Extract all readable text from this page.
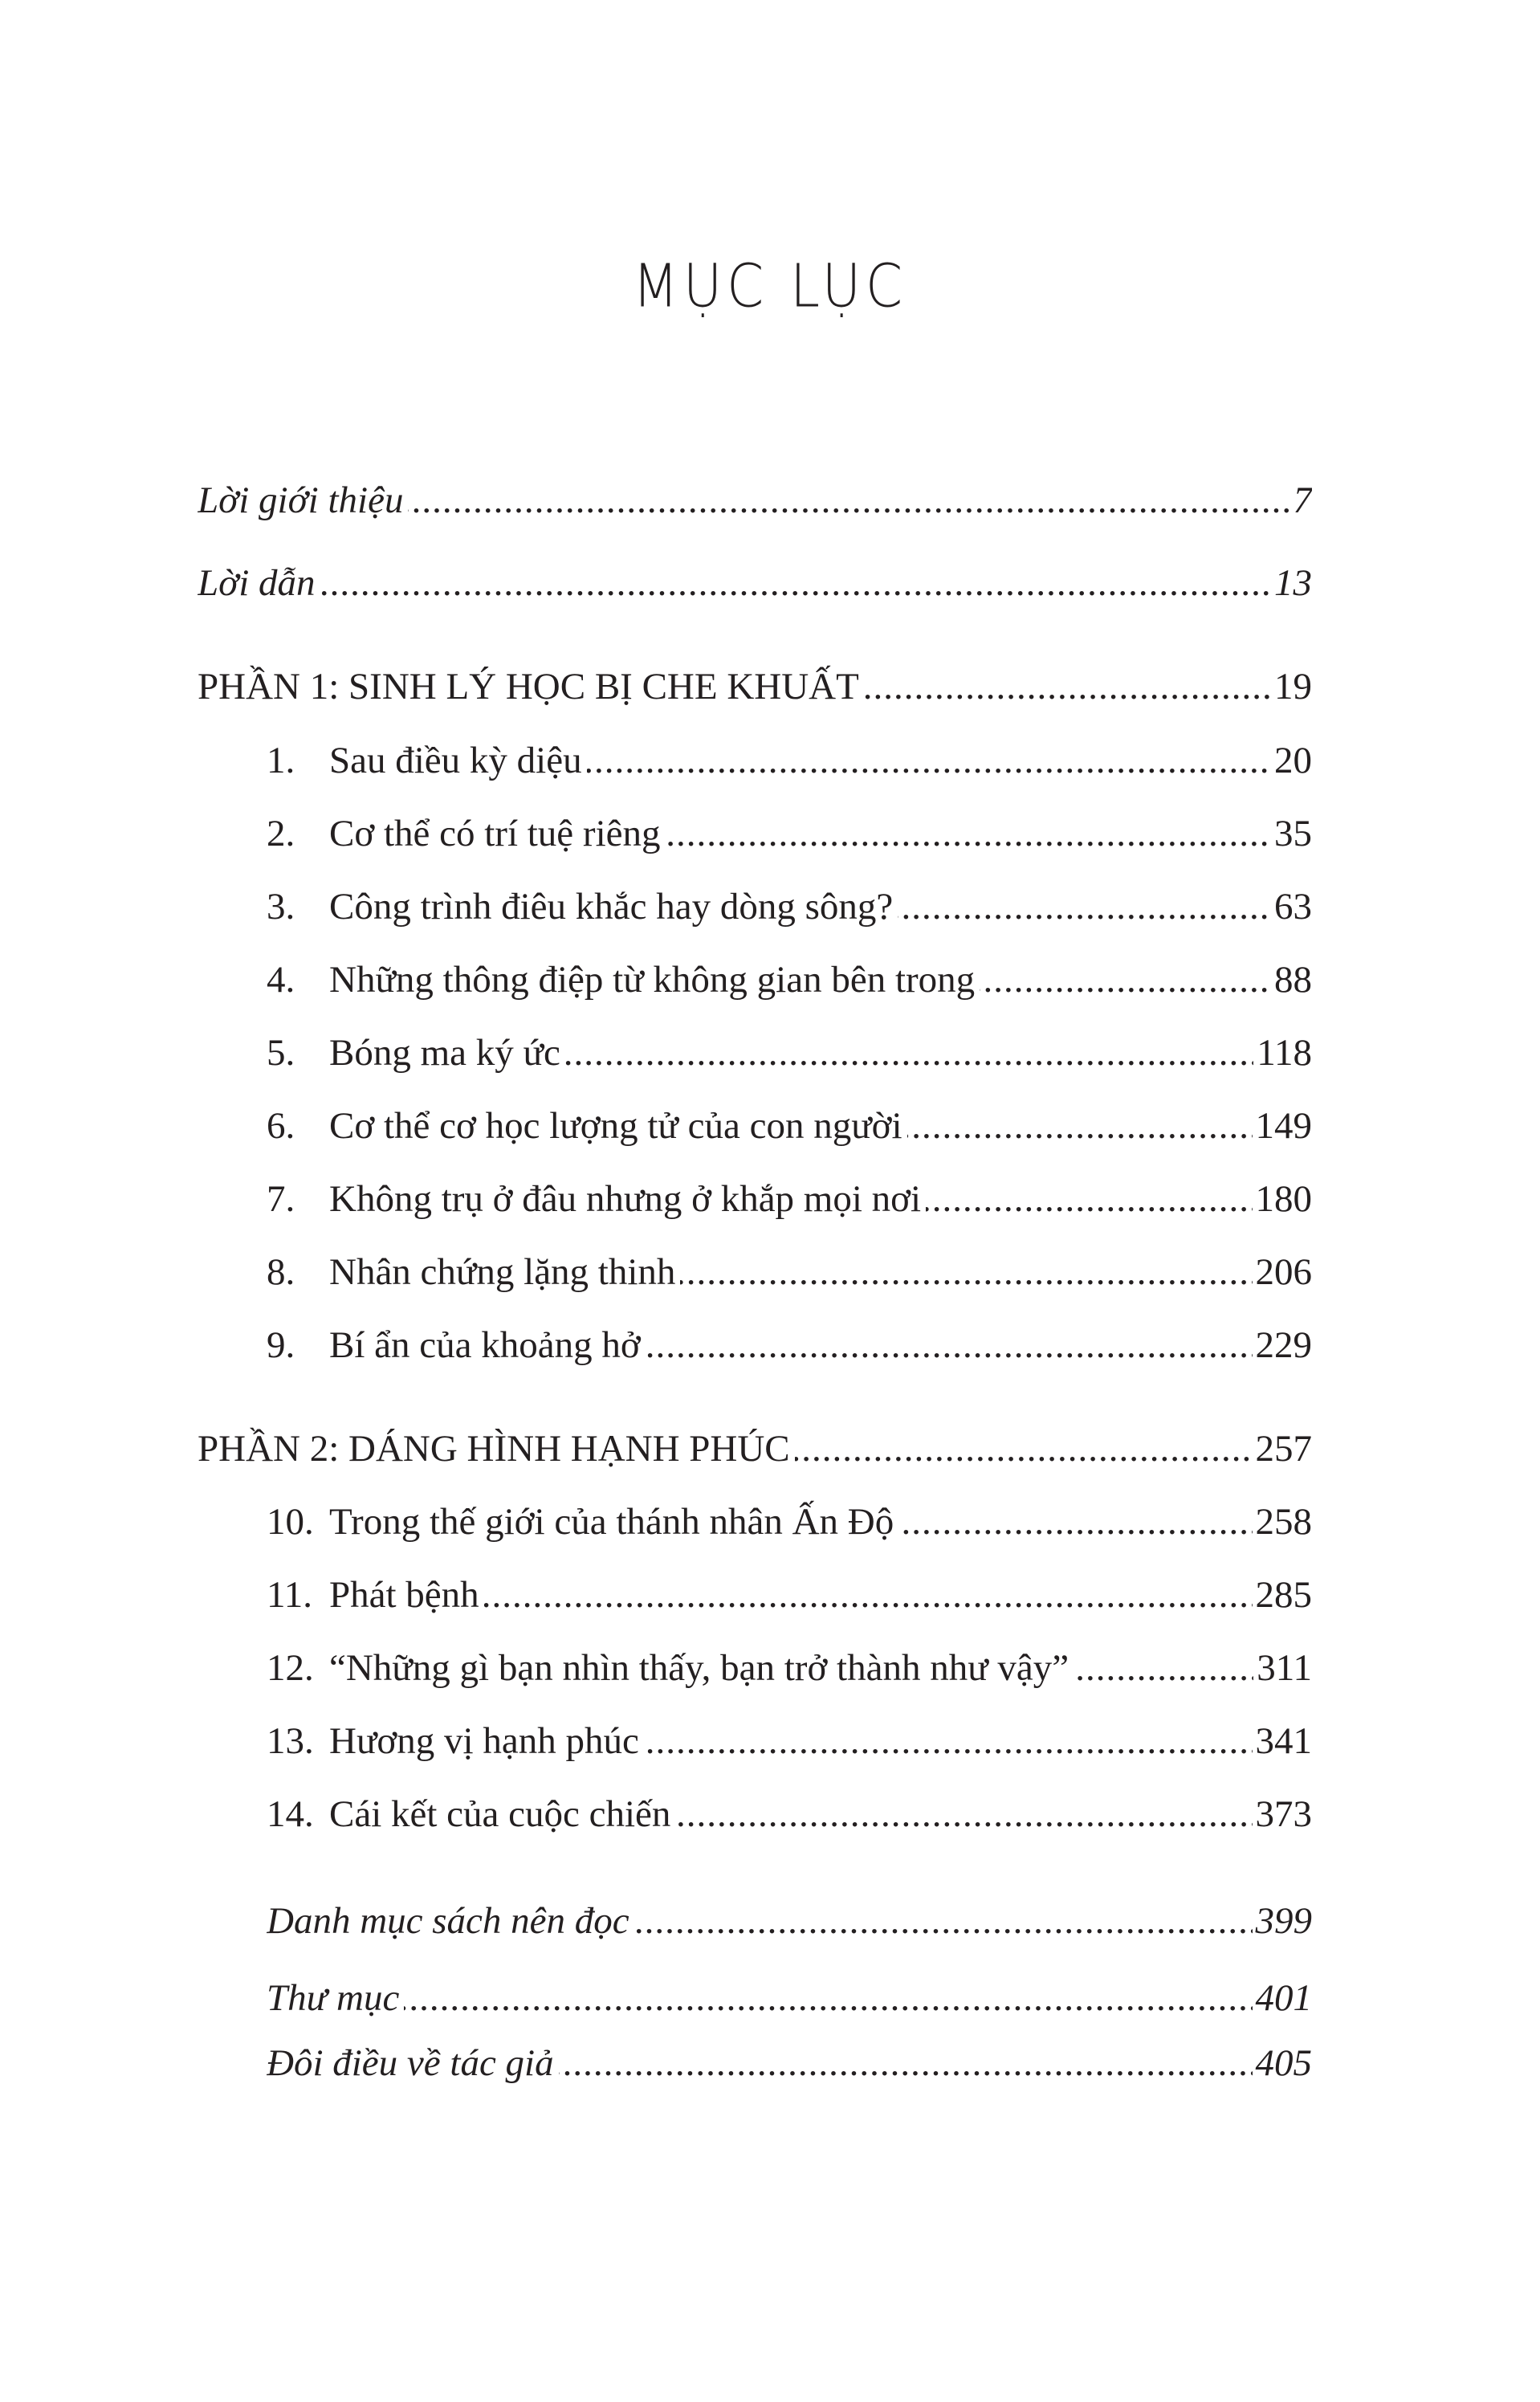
MỤC LỤC
.....
Lời giới thiệu	7
.....
Lời dẫn	13
.....
PHẦN 1: SINH LÝ HỌC BỊ CHE KHUẤT	19
.....
1. Sau điều kỳ diệu	20
.....
2. Cơ thể có trí tuệ riêng	35
.....
3. Công trình điêu khắc hay dòng sông?	63
.....
4. Những thông điệp từ không gian bên trong	88
.....
5. Bóng ma ký ức	118
.....
6. Cơ thể cơ học lượng tử của con người	149
.....
7. Không trụ ở đâu nhưng ở khắp mọi nơi	180
.....
8. Nhân chứng lặng thinh	206
.....
9. Bí ẩn của khoảng hở	229
.....
PHẦN 2: DÁNG HÌNH HẠNH PHÚC	257
.....
10. Trong thế giới của thánh nhân Ấn Độ	258
.....
11. Phát bệnh	285
.....
12. “Những gì bạn nhìn thấy, bạn trở thành như vậy”	311
.....
13. Hương vị hạnh phúc	341
.....
14. Cái kết của cuộc chiến	373
.....
Danh mục sách nên đọc	399
.....
Thư mục	401
.....
Đôi điều về tác giả	405
